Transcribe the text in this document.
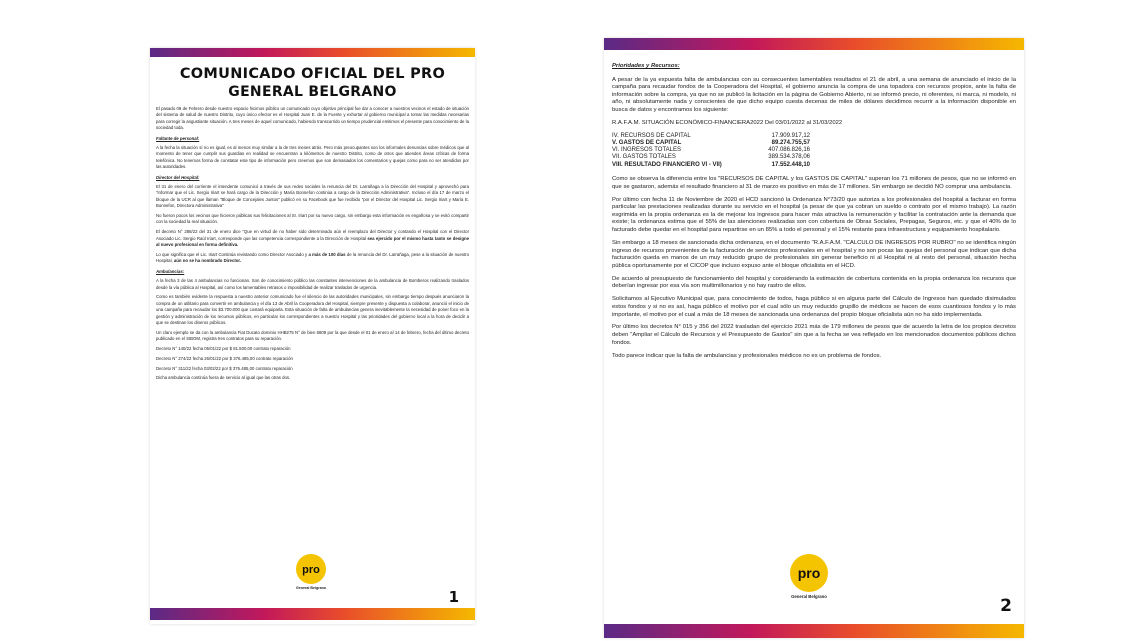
COMUNICADO OFICIAL DEL PRO
GENERAL BELGRANO

El pasado 09 de Febrero desde nuestro espacio hicimos público un comunicado cuyo objetivo principal fue dar a conocer a nuestros vecinos el estado de situación del sistema de salud de nuestro Distrito, cuyo único efector es el Hospital Juan E. de la Fuente y exhortar al gobierno municipal a tomar las medidas necesarias para corregir la angustiante situación. A tres meses de aquel comunicado, habiendo transcurrido un tiempo prudencial emitimos el presente para conocimiento de la sociedad toda.

Faltante de personal:

A la fecha la situación sí no es igual, es al menos muy similar a la de tres meses atrás. Pero más preocupantes son los informales denuncias sobre médicos que al momento de tener que cumplir sus guardias en realidad se encuentran a kilómetros de nuestro Distrito, como de otros que atienden áreas críticas de forma telefónica. No tenemos forma de constatar este tipo de información pero creemos que son demasiados los comentarios y quejas como para no ser atendidos por las autoridades.

Director del Hospital:

El 31 de enero del corriente el intendente comunicó a través de sus redes sociales la renuncia del Dr. Larrañaga a la Dirección del Hospital y aprovechó para "informar que el Lic. Sergio Iriart se hará cargo de la Dirección y María Bonnefon continúa a cargo de la Dirección Administrativa". Incluso el día 17 de marzo el bloque de la UCR al que llaman "Bloque de Concejales Juntos" publicó en su Facebook que fue recibido "por el Director del Hospital Lic. Sergio Iriart y María E. Bonnefon, Directora Administrativa"

No fueron pocos los vecinos que hicieron públicas sus felicitaciones al Sr. Iriart por su nuevo cargo, sin embargo esta información es engañosa y se evitó compartir con la sociedad la real situación.

El decreto N° 288/22 del 31 de enero dice "Que en virtud de no haber sido determinado aún el reemplazo del Director y contando el Hospital con el Director Asociado Lic. Sergio Raúl Iriart, corresponde que las competencia correspondiente a la Dirección de Hospital sea ejercido por el mismo hasta tanto se designe al nuevo profesional en forma definitiva.

Lo que significa que el Lic. Iriart Continúa revistando como Director Asociado y a más de 100 días de la renuncia del Dr. Larrañaga, pese a la situación de nuestro Hospital, aún no se ha nombrado Director.

Ambulancias:

A la fecha 3 de las 4 ambulancias no funcionan. Son de conocimiento público las constantes intervenciones de la ambulancia de Bomberos realizando traslados desde la vía pública al Hospital, así como los lamentables retrasos o imposibilidad de realizar traslados de urgencia.

Como es también evidente la respuesta a nuestro anterior comunicado fue el silencio de las autoridades municipales, sin embargo tiempo después anunciaron la compra de un utilitario para convertir en ambulancia y el día 13 de Abril la Cooperadora del Hospital, siempre presente y dispuesta a colaborar, anunció el inicio de una campaña para recaudar los $3.700.000 que costará equiparla. Esta situación de falta de ambulancias genera inevitablemente la necesidad de poner foco en la gestión y administración de los recursos públicos, en particular los correspondientes a nuestro Hospital y las prioridades del gobierno local a la hora de decidir a que se destinan los dineros públicos.

Un claro ejemplo se da con la ambulancia Fiat Ducato dominio HHB275 N° de bien 6809 por la que desde el 01 de enero al 14 de febrero, fecha del último decreto publicado en el SIBOM, registra tres contratos para su reparación.

Decreto N° 140/22 fecha 05/01/22 por $ 81.500,00 contrato reparación

Decreto N° 274/22 fecha 26/01/22 por $ 376.485,00 contrato reparación

Decreto N° 311/22 fecha 03/02/22 por $ 376.485,00 contrato reparación

Dicha ambulancia continúa fuera de servicio al igual que las otras dos.

pro
General Belgrano	1

Prioridades y Recursos:

A pesar de la ya expuesta falta de ambulancias con su consecuentes lamentables resultados el 21 de abril, a una semana de anunciado el inicio de la campaña para recaudar fondos de la Cooperadora del Hospital, el gobierno anuncia la compra de una topadora con recursos propios, ante la falta de información sobre la compra, ya que no se publicó la licitación en la página de Gobierno Abierto, ni se informó precio, ni oferentes, ni marca, ni modelo, ni año, ni absolutamente nada y conscientes de que dicho equipo cuesta decenas de miles de dólares decidimos recurrir a la información disponible en busca de datos y encontramos los siguiente:

R.A.F.A.M. SITUACIÓN ECONÓMICO-FINANCIERA2022 Del 03/01/2022 al 31/03/2022
IV. RECURSOS DE CAPITAL	17.909.917,12
V. GASTOS DE CAPITAL	89.274.755,57
VI. INGRESOS TOTALES	407.086.826,16
VII. GASTOS TOTALES	389.534.378,06
VIII. RESULTADO FINANCIERO VI - VII)	17.552.448,10

Como se observa la diferencia entre los "RECURSOS DE CAPITAL y los GASTOS DE CAPITAL" superan los 71 millones de pesos, que no se informó en que se gastaron, además el resultado financiero al 31 de marzo es positivo en más de 17 millones. Sin embargo se decidió NO comprar una ambulancia.

Por último con fecha 11 de Noviembre de 2020 el HCD sancionó la Ordenanza N°73/20 que autoriza a los profesionales del hospital a facturar en forma particular las prestaciones realizadas durante su servicio en el hospital (a pesar de que ya cobran un sueldo o contrato por el mismo trabajo). La razón esgrimida en la propia ordenanza es la de mejorar los ingresos para hacer más atractiva la remuneración y facilitar la contratación ante la demanda que existe; la ordenanza estima que el 55% de las atenciones realizadas son con cobertura de Obras Sociales, Prepagas, Seguros, etc. y que el 40% de lo facturado debe quedar en el hospital para repartirse en un 85% a todo el personal y el 15% restante para infraestructura y equipamiento hospitalario.

Sin embargo a 18 meses de sancionada dicha ordenanza, en el documento "R.A.F.A.M. "CALCULO DE INGRESOS POR RUBRO" no se identifica ningún ingreso de recursos provenientes de la facturación de servicios profesionales en el hospital y no son pocas las quejas del personal que indican que dicha facturación queda en manos de un muy reducido grupo de profesionales sin generar beneficio ni al Hospital ni al resto del personal, situación hecha pública oportunamente por el CICOP que incluso expuso ante el bloque oficialista en el HCD.

De acuerdo al presupuesto de funcionamiento del hospital y considerando la estimación de cobertura contenida en la propia ordenanza los recursos que deberían ingresar por esa vía son multimillonarios y no hay rastro de ellos.

Solicitamos al Ejecutivo Municipal que, para conocimiento de todos, haga público si en alguna parte del Cálculo de Ingresos han quedado disimulados estos fondos y si no es así, haga público el motivo por el cual sólo un muy reducido grupillo de médicos se hacen de esos cuantiosos fondos y lo más importante, el motivo por el cual a más de 18 meses de sancionada una ordenanza del propio bloque oficialista aún no ha sido implementada.

Por último los decretos N° 015 y 356 del 2022 trasladan del ejercicio 2021 más de 179 millones de pesos que de acuerdo la letra de los propios decretos deben "Ampliar el Cálculo de Recursos y el Presupuesto de Gastos" sin que a la fecha se vea reflejado en los mencionados documentos públicos dichos fondos.

Todo parece indicar que la falta de ambulancias y profesionales médicos no es un problema de fondos.

pro
General Belgrano	2
